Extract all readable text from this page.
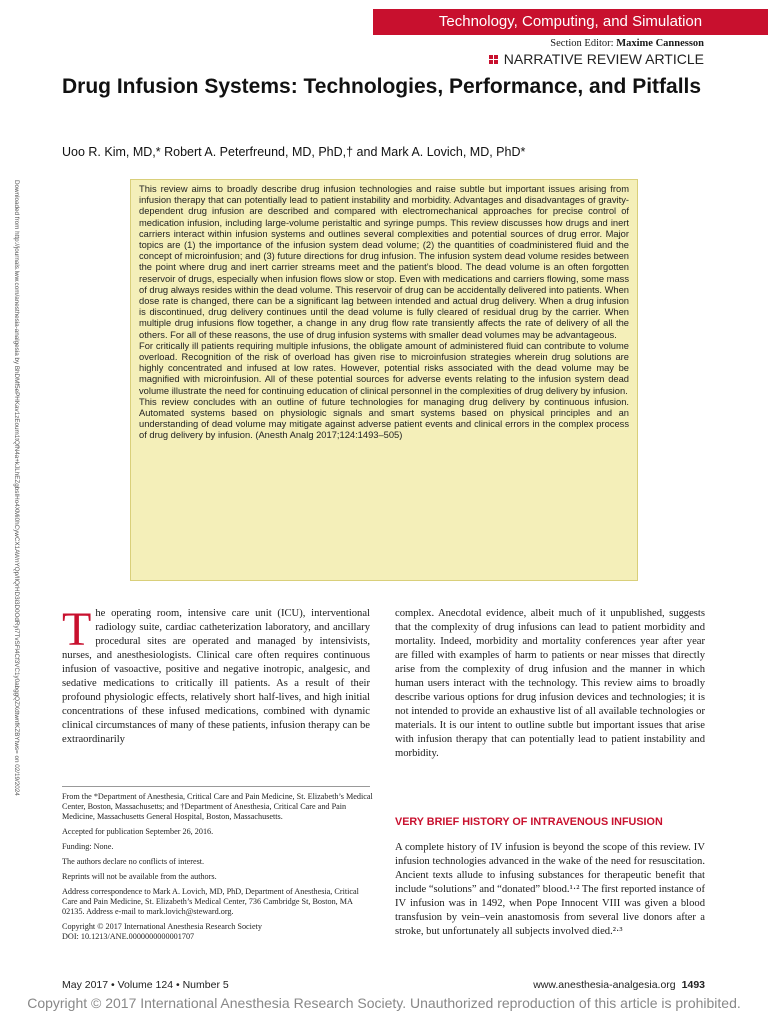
Technology, Computing, and Simulation
Section Editor: Maxime Cannesson
NARRATIVE REVIEW ARTICLE
Drug Infusion Systems: Technologies, Performance, and Pitfalls
Uoo R. Kim, MD,* Robert A. Peterfreund, MD, PhD,† and Mark A. Lovich, MD, PhD*
Downloaded from http://journals.lww.com/anesthesia-analgesia by BhDMf5ePHKav1zEoum1tQfN4a+kJLhEZgbsIHo4XMi0hCywCX1AWnYQp/IlQrHD3i3D0OdRyi7TvSFl4Cf3VC1y0abggQZXdtwnfKZBYtws= on 02/19/2024	This review aims to broadly describe drug infusion technologies and raise subtle but important issues arising from infusion therapy that can potentially lead to patient instability and morbidity. Advantages and disadvantages of gravity-dependent drug infusion are described and compared with electromechanical approaches for precise control of medication infusion, including large-volume peristaltic and syringe pumps. This review discusses how drugs and inert carriers interact within infusion systems and outlines several complexities and potential sources of drug error. Major topics are (1) the importance of the infusion system dead volume; (2) the quantities of coadministered fluid and the concept of microinfusion; and (3) future directions for drug infusion. The infusion system dead volume resides between the point where drug and inert carrier streams meet and the patient’s blood. The dead volume is an often forgotten reservoir of drugs, especially when infusion flows slow or stop. Even with medications and carriers flowing, some mass of drug always resides within the dead volume. This reservoir of drug can be accidentally delivered into patients. When dose rate is changed, there can be a significant lag between intended and actual drug delivery. When a drug infusion is discontinued, drug delivery continues until the dead volume is fully cleared of residual drug by the carrier. When multiple drug infusions flow together, a change in any drug flow rate transiently affects the rate of delivery of all the others. For all of these reasons, the use of drug infusion systems with smaller dead volumes may be advantageous.

For critically ill patients requiring multiple infusions, the obligate amount of administered fluid can contribute to volume overload. Recognition of the risk of overload has given rise to microinfusion strategies wherein drug solutions are highly concentrated and infused at low rates. However, potential risks associated with the dead volume may be magnified with microinfusion. All of these potential sources for adverse events relating to the infusion system dead volume illustrate the need for continuing education of clinical personnel in the complexities of drug delivery by infusion.

This review concludes with an outline of future technologies for managing drug delivery by continuous infusion. Automated systems based on physiologic signals and smart systems based on physical principles and an understanding of dead volume may mitigate against adverse patient events and clinical errors in the complex process of drug delivery by infusion. (Anesth Analg 2017;124:1493–505)

The operating room, intensive care unit (ICU), interventional radiology suite, cardiac catheterization laboratory, and ancillary procedural sites are operated and managed by intensivists, nurses, and anesthesiologists. Clinical care often requires continuous infusion of vasoactive, positive and negative inotropic, analgesic, and sedative medications to critically ill patients. As a result of their profound physiologic effects, relatively short half-lives, and high initial concentrations of these infused medications, combined with dynamic clinical circumstances of many of these patients, infusion therapy can be extraordinarily

From the *Department of Anesthesia, Critical Care and Pain Medicine, St. Elizabeth’s Medical Center, Boston, Massachusetts; and †Department of Anesthesia, Critical Care and Pain Medicine, Massachusetts General Hospital, Boston, Massachusetts.

Accepted for publication September 26, 2016.

Funding: None.

The authors declare no conflicts of interest.

Reprints will not be available from the authors.

Address correspondence to Mark A. Lovich, MD, PhD, Department of Anesthesia, Critical Care and Pain Medicine, St. Elizabeth’s Medical Center, 736 Cambridge St, Boston, MA 02135. Address e-mail to mark.lovich@steward.org.

Copyright © 2017 International Anesthesia Research Society

DOI: 10.1213/ANE.0000000000001707

complex. Anecdotal evidence, albeit much of it unpublished, suggests that the complexity of drug infusions can lead to patient morbidity and mortality. Indeed, morbidity and mortality conferences year after year are filled with examples of harm to patients or near misses that directly arise from the complexity of drug infusion and the manner in which human users interact with the technology. This review aims to broadly describe various options for drug infusion devices and technologies; it is not intended to provide an exhaustive list of all available technologies or materials. It is our intent to outline subtle but important issues that arise with infusion therapy that can potentially lead to patient instability and morbidity.

VERY BRIEF HISTORY OF INTRAVENOUS INFUSION

A complete history of IV infusion is beyond the scope of this review. IV infusion technologies advanced in the wake of the need for resuscitation. Ancient texts allude to infusing substances for therapeutic benefit that include “solutions” and “donated” blood.¹·² The first reported instance of IV infusion was in 1492, when Pope Innocent VIII was given a blood transfusion by vein–vein anastomosis from several live donors after a stroke, but unfortunately all subjects involved died.²·³

May 2017 • Volume 124 • Number 5	www.anesthesia-analgesia.org 1493
Copyright © 2017 International Anesthesia Research Society. Unauthorized reproduction of this article is prohibited.
